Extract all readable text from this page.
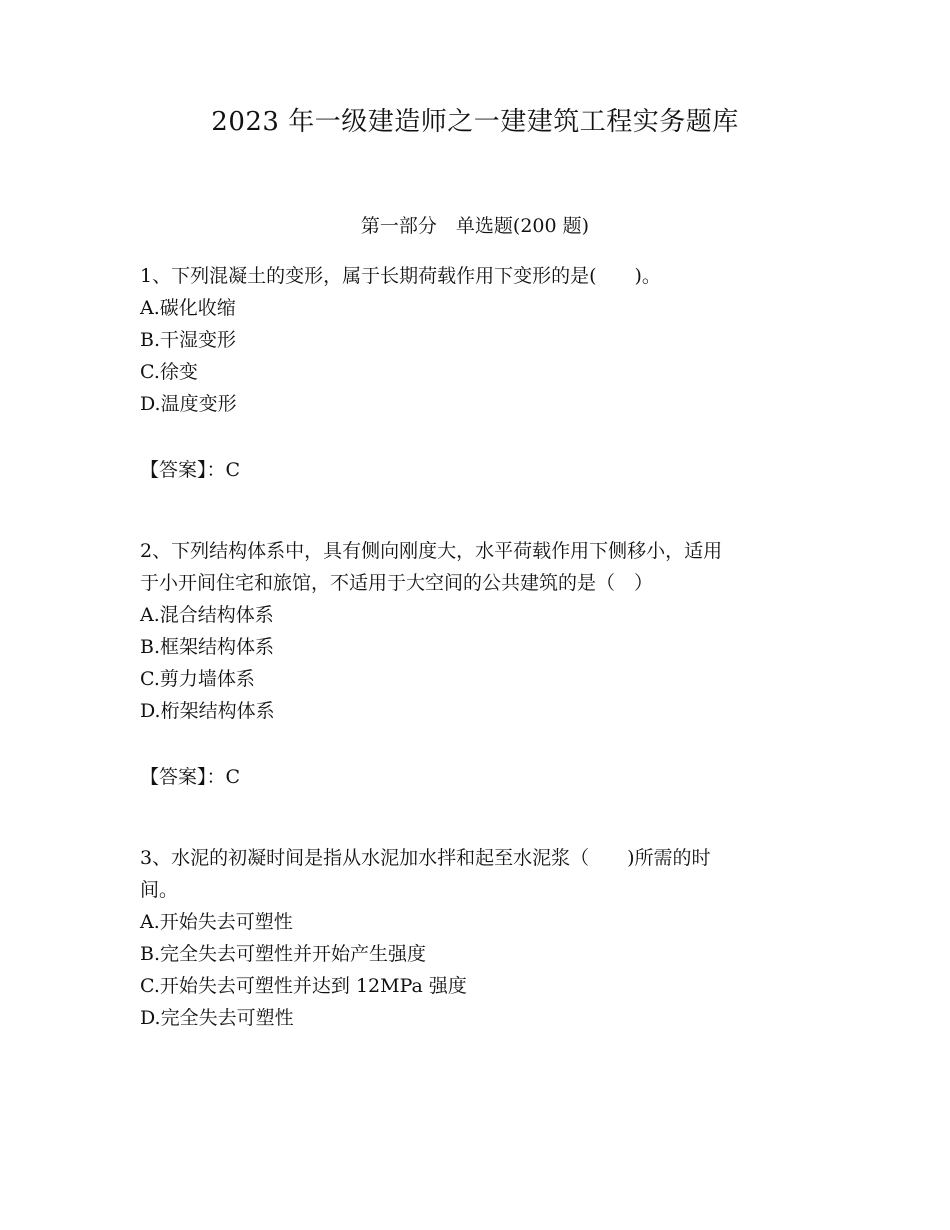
2023 年一级建造师之一建建筑工程实务题库
第一部分　单选题(200 题)
1、下列混凝土的变形，属于长期荷载作用下变形的是(　　)。
A.碳化收缩
B.干湿变形
C.徐变
D.温度变形
【答案】：C
2、下列结构体系中，具有侧向刚度大，水平荷载作用下侧移小，适用
于小开间住宅和旅馆，不适用于大空间的公共建筑的是（　）
A.混合结构体系
B.框架结构体系
C.剪力墙体系
D.桁架结构体系
【答案】：C
3、水泥的初凝时间是指从水泥加水拌和起至水泥浆（　　)所需的时
间。
A.开始失去可塑性
B.完全失去可塑性并开始产生强度
C.开始失去可塑性并达到 12MPa 强度
D.完全失去可塑性
